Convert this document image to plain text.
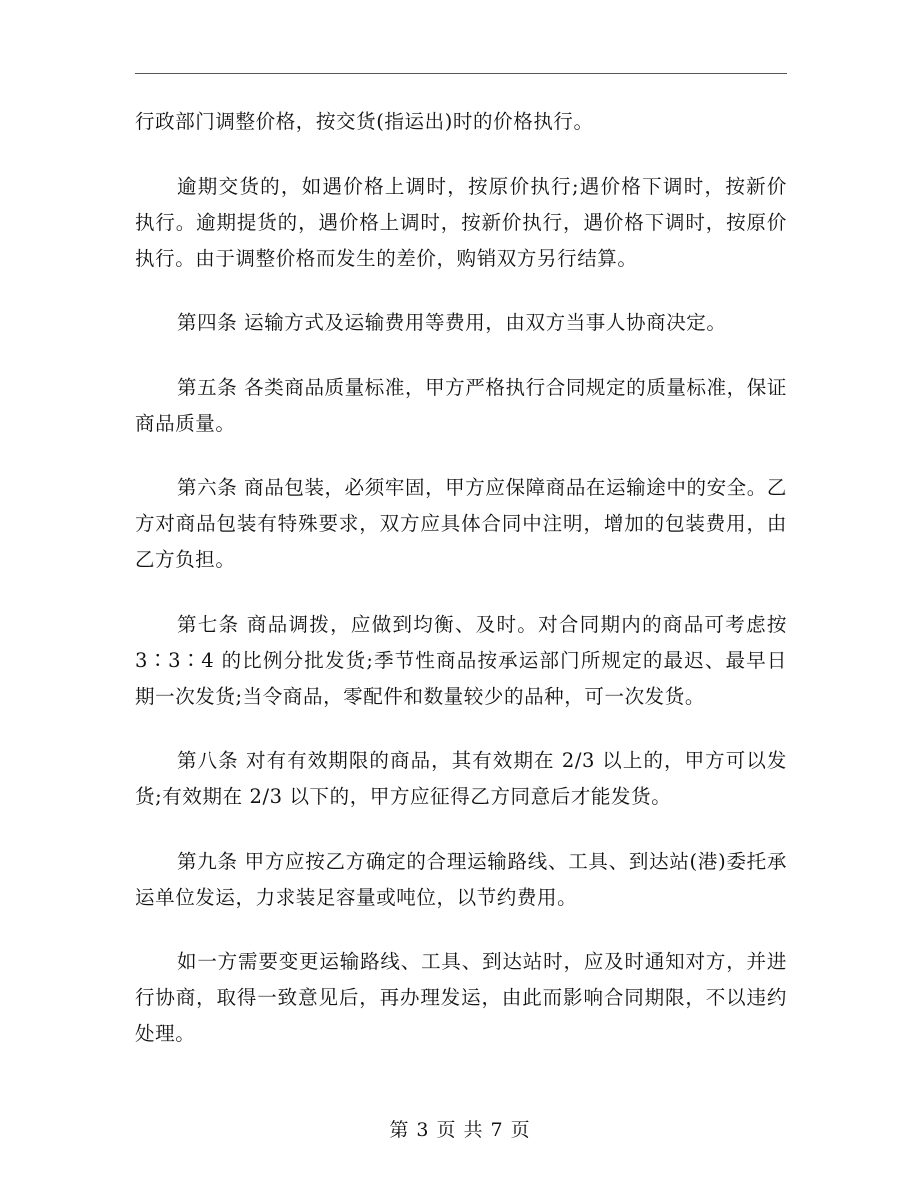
行政部门调整价格，按交货(指运出)时的价格执行。

逾期交货的，如遇价格上调时，按原价执行;遇价格下调时，按新价执行。逾期提货的，遇价格上调时，按新价执行，遇价格下调时，按原价执行。由于调整价格而发生的差价，购销双方另行结算。

第四条 运输方式及运输费用等费用，由双方当事人协商决定。

第五条 各类商品质量标准，甲方严格执行合同规定的质量标准，保证商品质量。

第六条 商品包装，必须牢固，甲方应保障商品在运输途中的安全。乙方对商品包装有特殊要求，双方应具体合同中注明，增加的包装费用，由乙方负担。

第七条 商品调拨，应做到均衡、及时。对合同期内的商品可考虑按 3∶3∶4 的比例分批发货;季节性商品按承运部门所规定的最迟、最早日期一次发货;当令商品，零配件和数量较少的品种，可一次发货。

第八条 对有有效期限的商品，其有效期在 2/3 以上的，甲方可以发货;有效期在 2/3 以下的，甲方应征得乙方同意后才能发货。

第九条 甲方应按乙方确定的合理运输路线、工具、到达站(港)委托承运单位发运，力求装足容量或吨位，以节约费用。

如一方需要变更运输路线、工具、到达站时，应及时通知对方，并进行协商，取得一致意见后，再办理发运，由此而影响合同期限，不以违约处理。

第 3 页 共 7 页
